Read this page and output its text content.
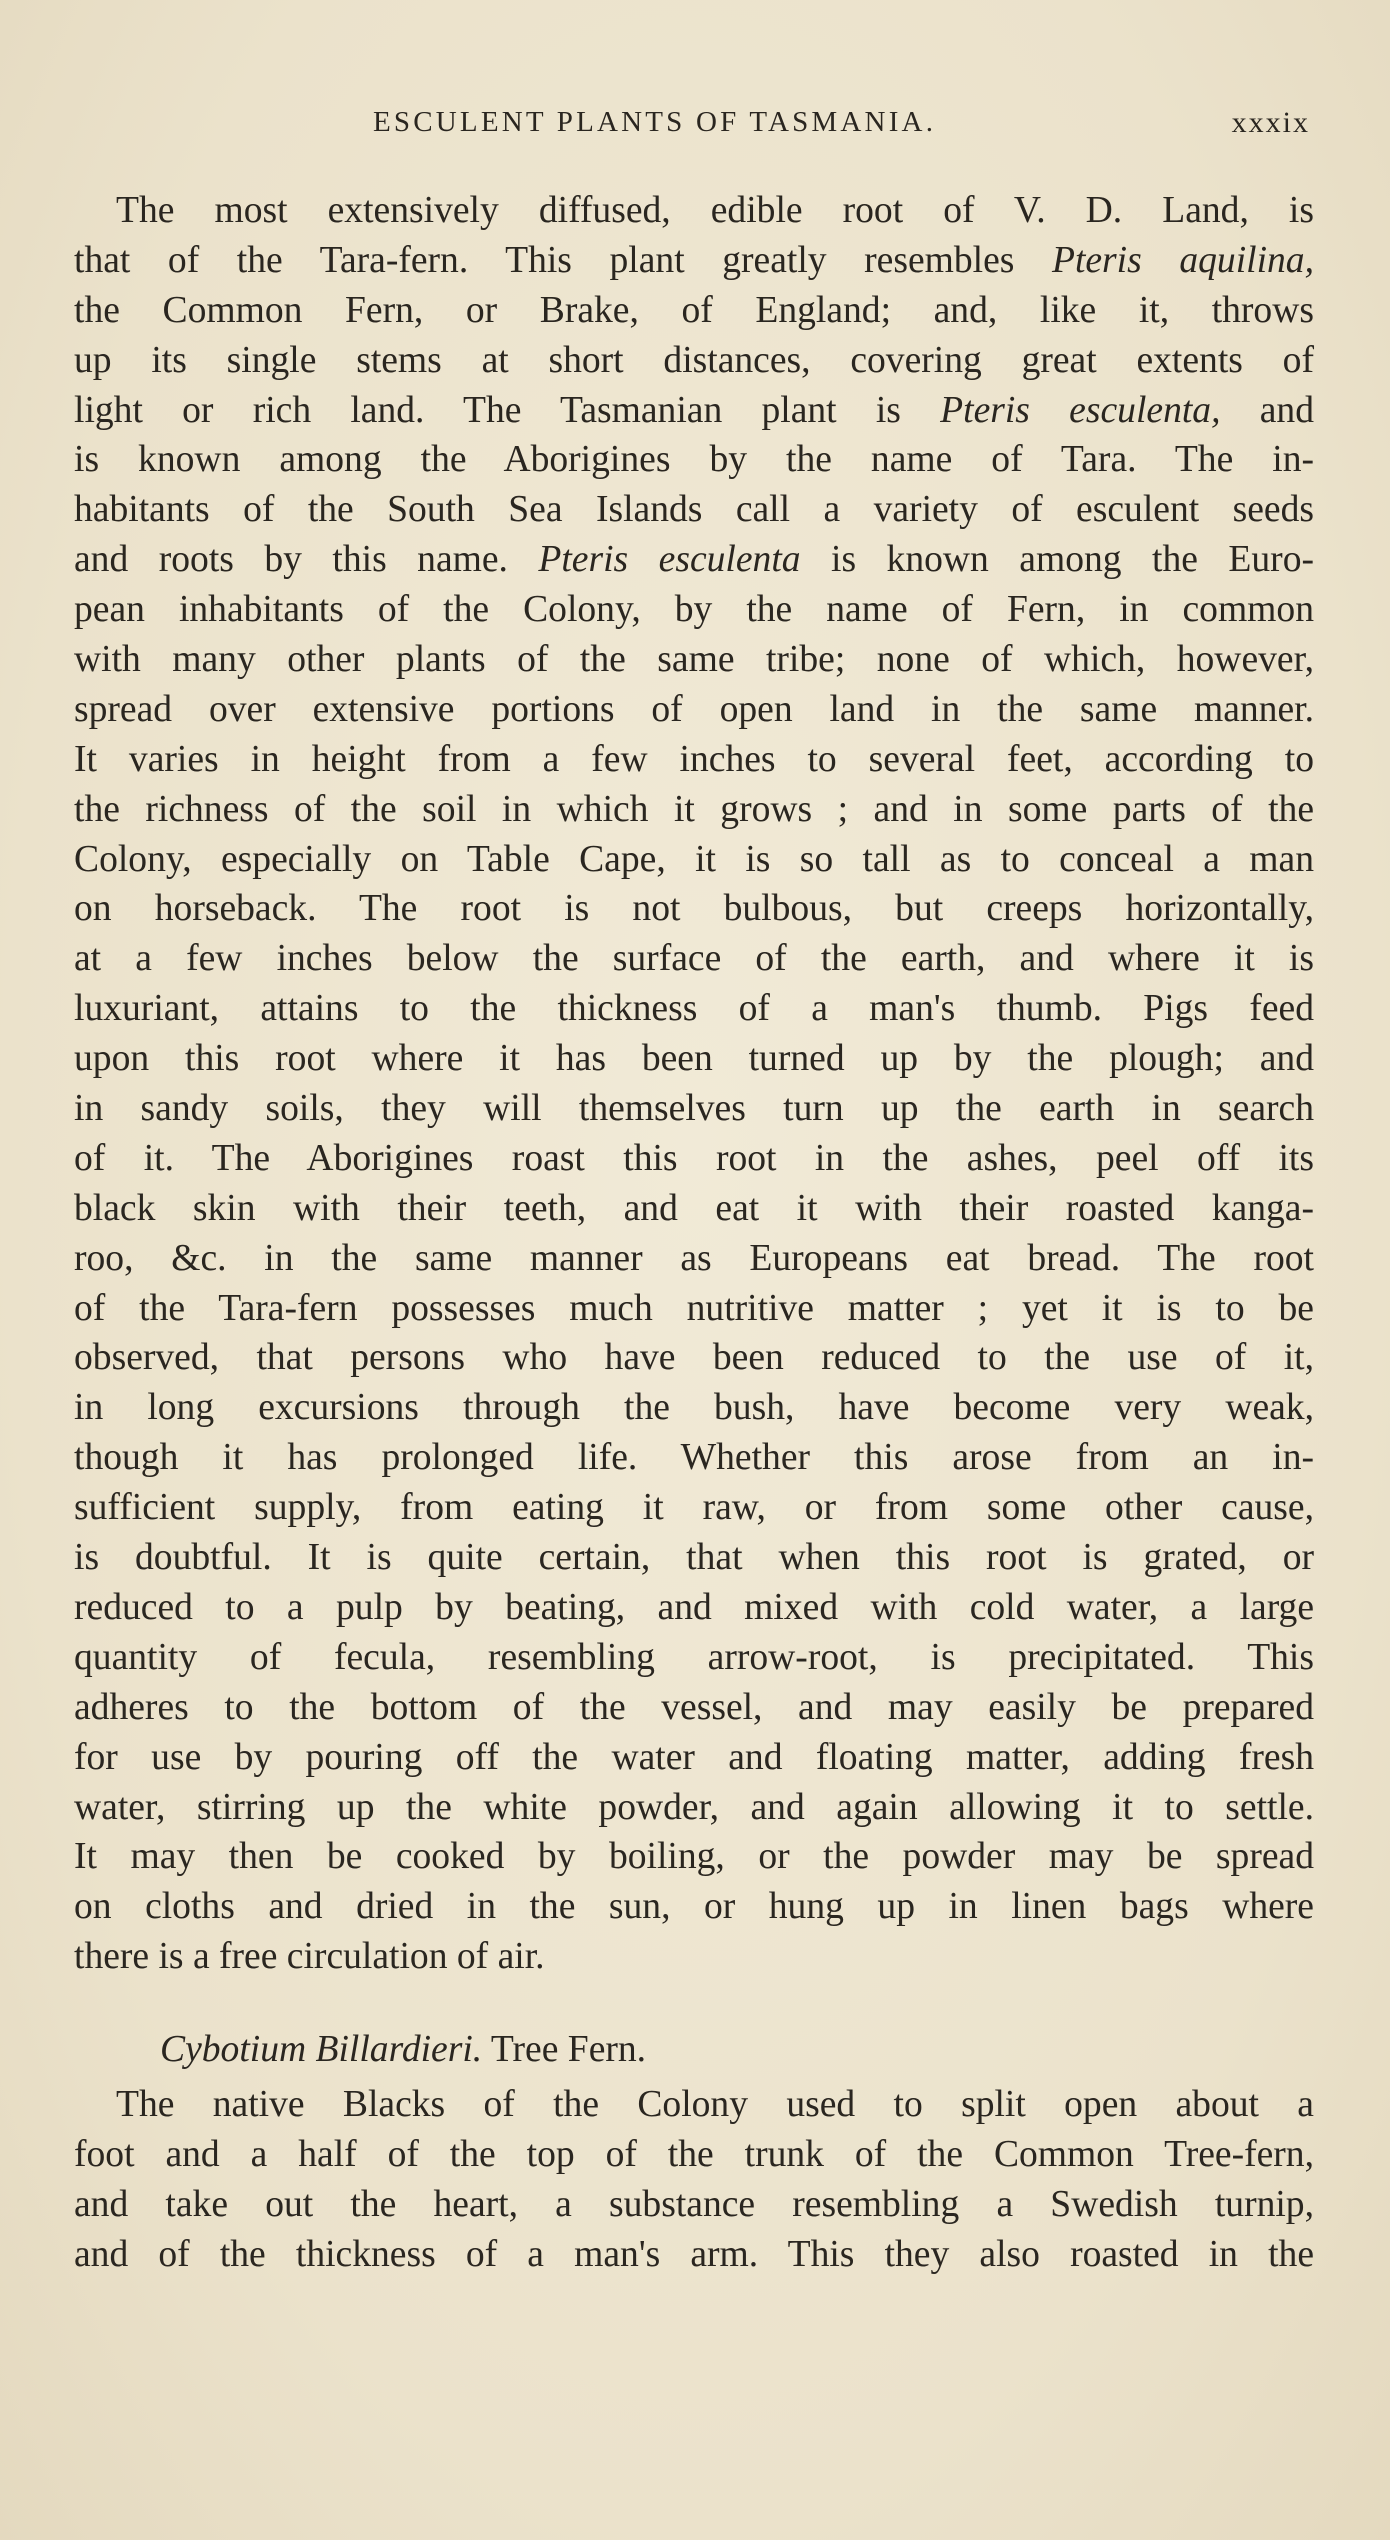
ESCULENT PLANTS OF TASMANIA.	xxxix
The most extensively diffused, edible root of V. D. Land, is
that of the Tara-fern. This plant greatly resembles Pteris aquilina,
the Common Fern, or Brake, of England; and, like it, throws
up its single stems at short distances, covering great extents of
light or rich land. The Tasmanian plant is Pteris esculenta, and
is known among the Aborigines by the name of Tara. The in-
habitants of the South Sea Islands call a variety of esculent seeds
and roots by this name. Pteris esculenta is known among the Euro-
pean inhabitants of the Colony, by the name of Fern, in common
with many other plants of the same tribe; none of which, however,
spread over extensive portions of open land in the same manner.
It varies in height from a few inches to several feet, according to
the richness of the soil in which it grows ; and in some parts of the
Colony, especially on Table Cape, it is so tall as to conceal a man
on horseback. The root is not bulbous, but creeps horizontally,
at a few inches below the surface of the earth, and where it is
luxuriant, attains to the thickness of a man's thumb. Pigs feed
upon this root where it has been turned up by the plough; and
in sandy soils, they will themselves turn up the earth in search
of it. The Aborigines roast this root in the ashes, peel off its
black skin with their teeth, and eat it with their roasted kanga-
roo, &c. in the same manner as Europeans eat bread. The root
of the Tara-fern possesses much nutritive matter ; yet it is to be
observed, that persons who have been reduced to the use of it,
in long excursions through the bush, have become very weak,
though it has prolonged life. Whether this arose from an in-
sufficient supply, from eating it raw, or from some other cause,
is doubtful. It is quite certain, that when this root is grated, or
reduced to a pulp by beating, and mixed with cold water, a large
quantity of fecula, resembling arrow-root, is precipitated. This
adheres to the bottom of the vessel, and may easily be prepared
for use by pouring off the water and floating matter, adding fresh
water, stirring up the white powder, and again allowing it to settle.
It may then be cooked by boiling, or the powder may be spread
on cloths and dried in the sun, or hung up in linen bags where
there is a free circulation of air.
Cybotium Billardieri. Tree Fern.
The native Blacks of the Colony used to split open about a
foot and a half of the top of the trunk of the Common Tree-fern,
and take out the heart, a substance resembling a Swedish turnip,
and of the thickness of a man's arm. This they also roasted in the
